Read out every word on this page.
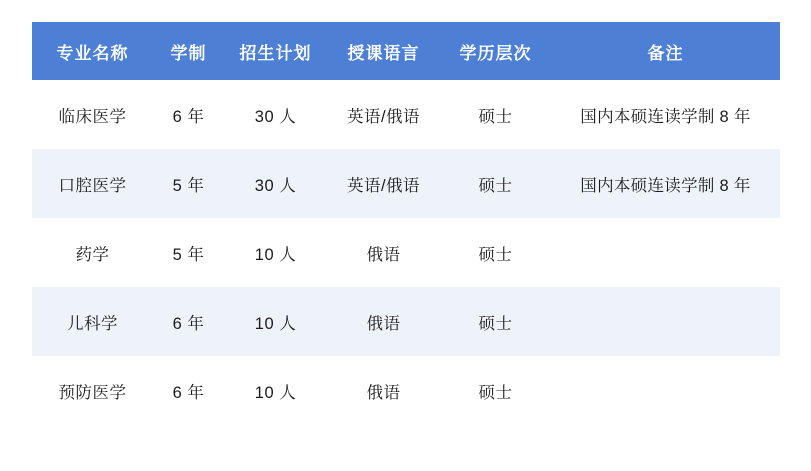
专业名称	学制	招生计划	授课语言	学历层次	备注
临床医学	6 年	30 人	英语/俄语	硕士	国内本硕连读学制 8 年
口腔医学	5 年	30 人	英语/俄语	硕士	国内本硕连读学制 8 年
药学	5 年	10 人	俄语	硕士	
儿科学	6 年	10 人	俄语	硕士	
预防医学	6 年	10 人	俄语	硕士	
